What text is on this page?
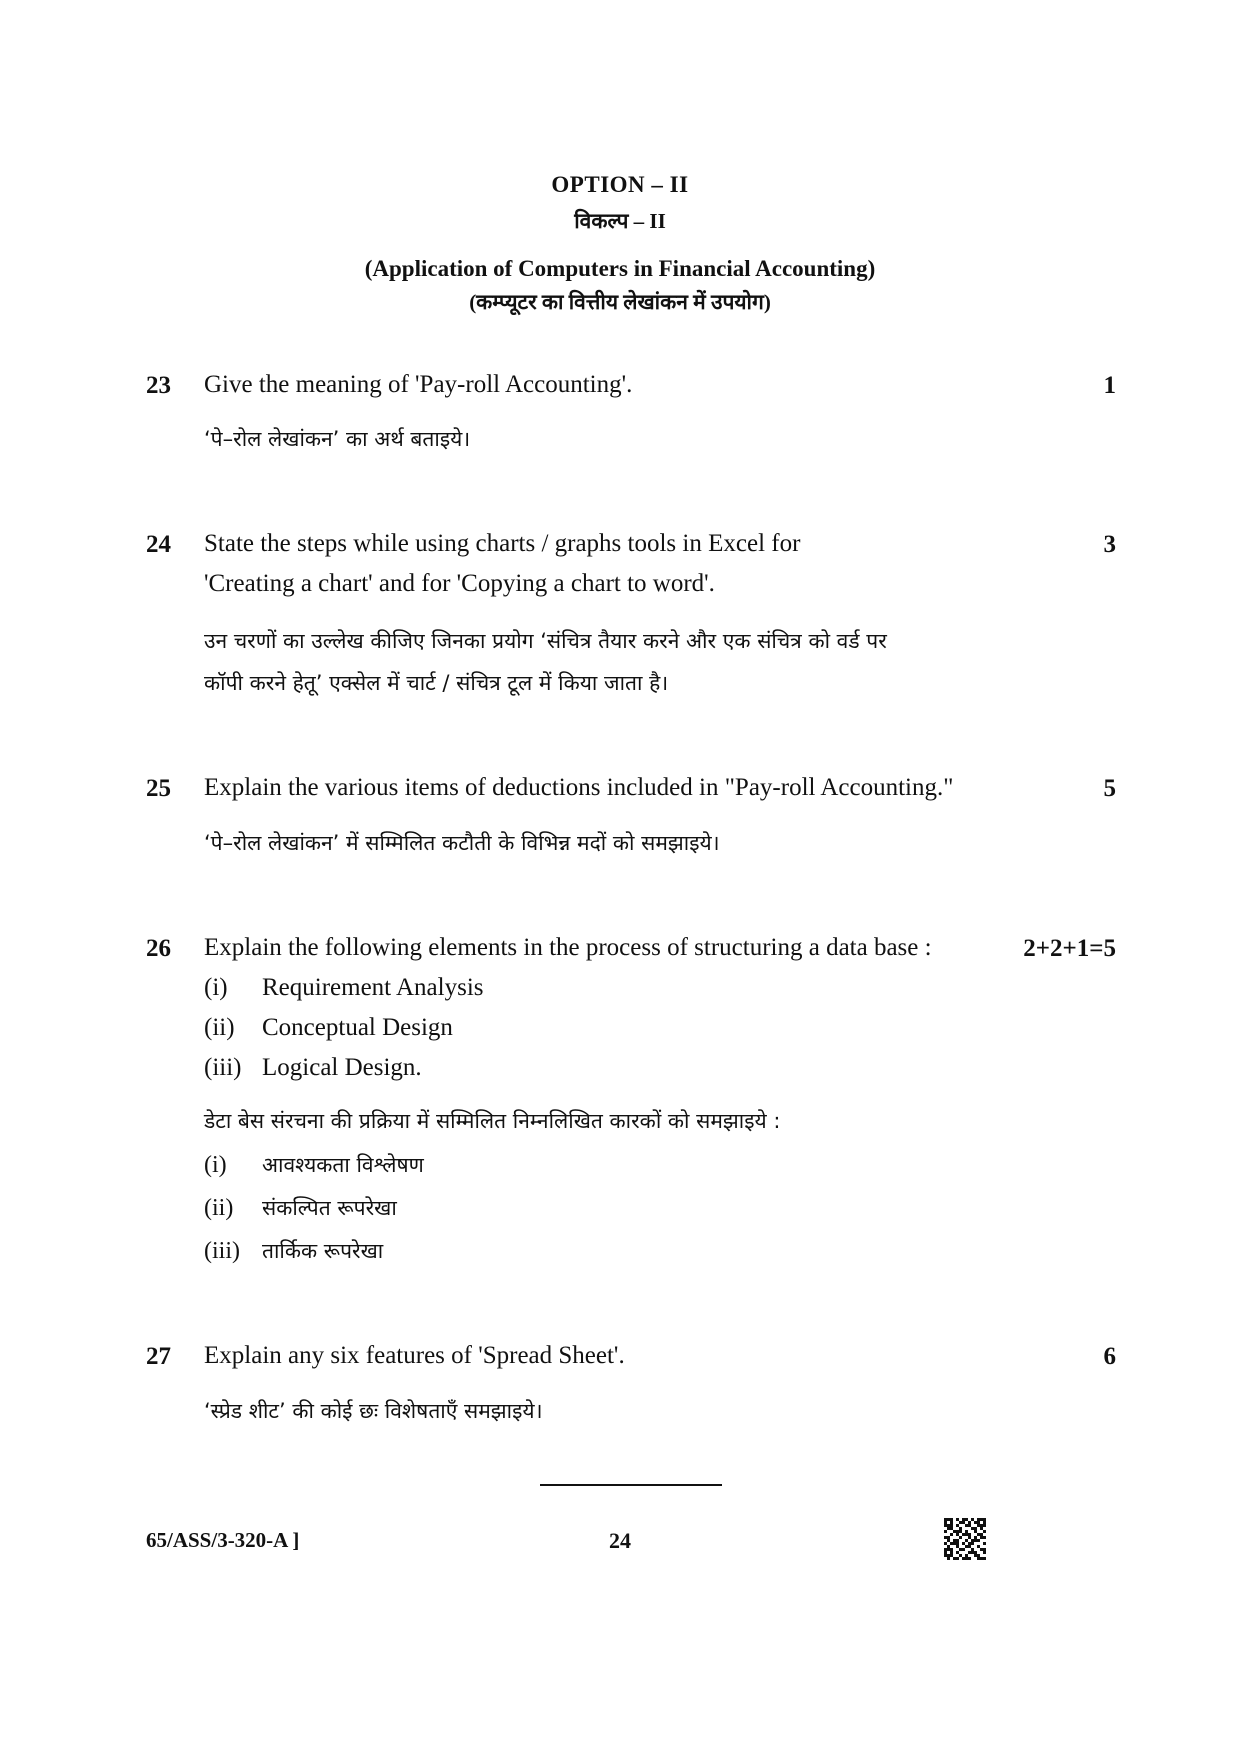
OPTION – II
विकल्प – II
(Application of Computers in Financial Accounting)
(कम्प्यूटर का वित्तीय लेखांकन में उपयोग)
23 Give the meaning of 'Pay-roll Accounting'.	1
‘पे–रोल लेखांकन’ का अर्थ बताइये।
24 State the steps while using charts / graphs tools in Excel for
'Creating a chart' and for 'Copying a chart to word'.
3
उन चरणों का उल्लेख कीजिए जिनका प्रयोग ‘संचित्र तैयार करने और एक संचित्र को वर्ड पर
कॉपी करने हेतू’ एक्सेल में चार्ट / संचित्र टूल में किया जाता है।
25 Explain the various items of deductions included in "Pay-roll Accounting."	5
‘पे–रोल लेखांकन’ में सम्मिलित कटौती के विभिन्न मदों को समझाइये।
26 Explain the following elements in the process of structuring a data base :	2+2+1=5
(i) Requirement Analysis
(ii) Conceptual Design
(iii) Logical Design.
डेटा बेस संरचना की प्रक्रिया में सम्मिलित निम्नलिखित कारकों को समझाइये :
(i) आवश्यकता विश्लेषण
(ii) संकल्पित रूपरेखा
(iii) तार्किक रूपरेखा
27 Explain any six features of 'Spread Sheet'.	6
‘स्प्रेड शीट’ की कोई छः विशेषताएँ समझाइये।
65/ASS/3-320-A ]	24
